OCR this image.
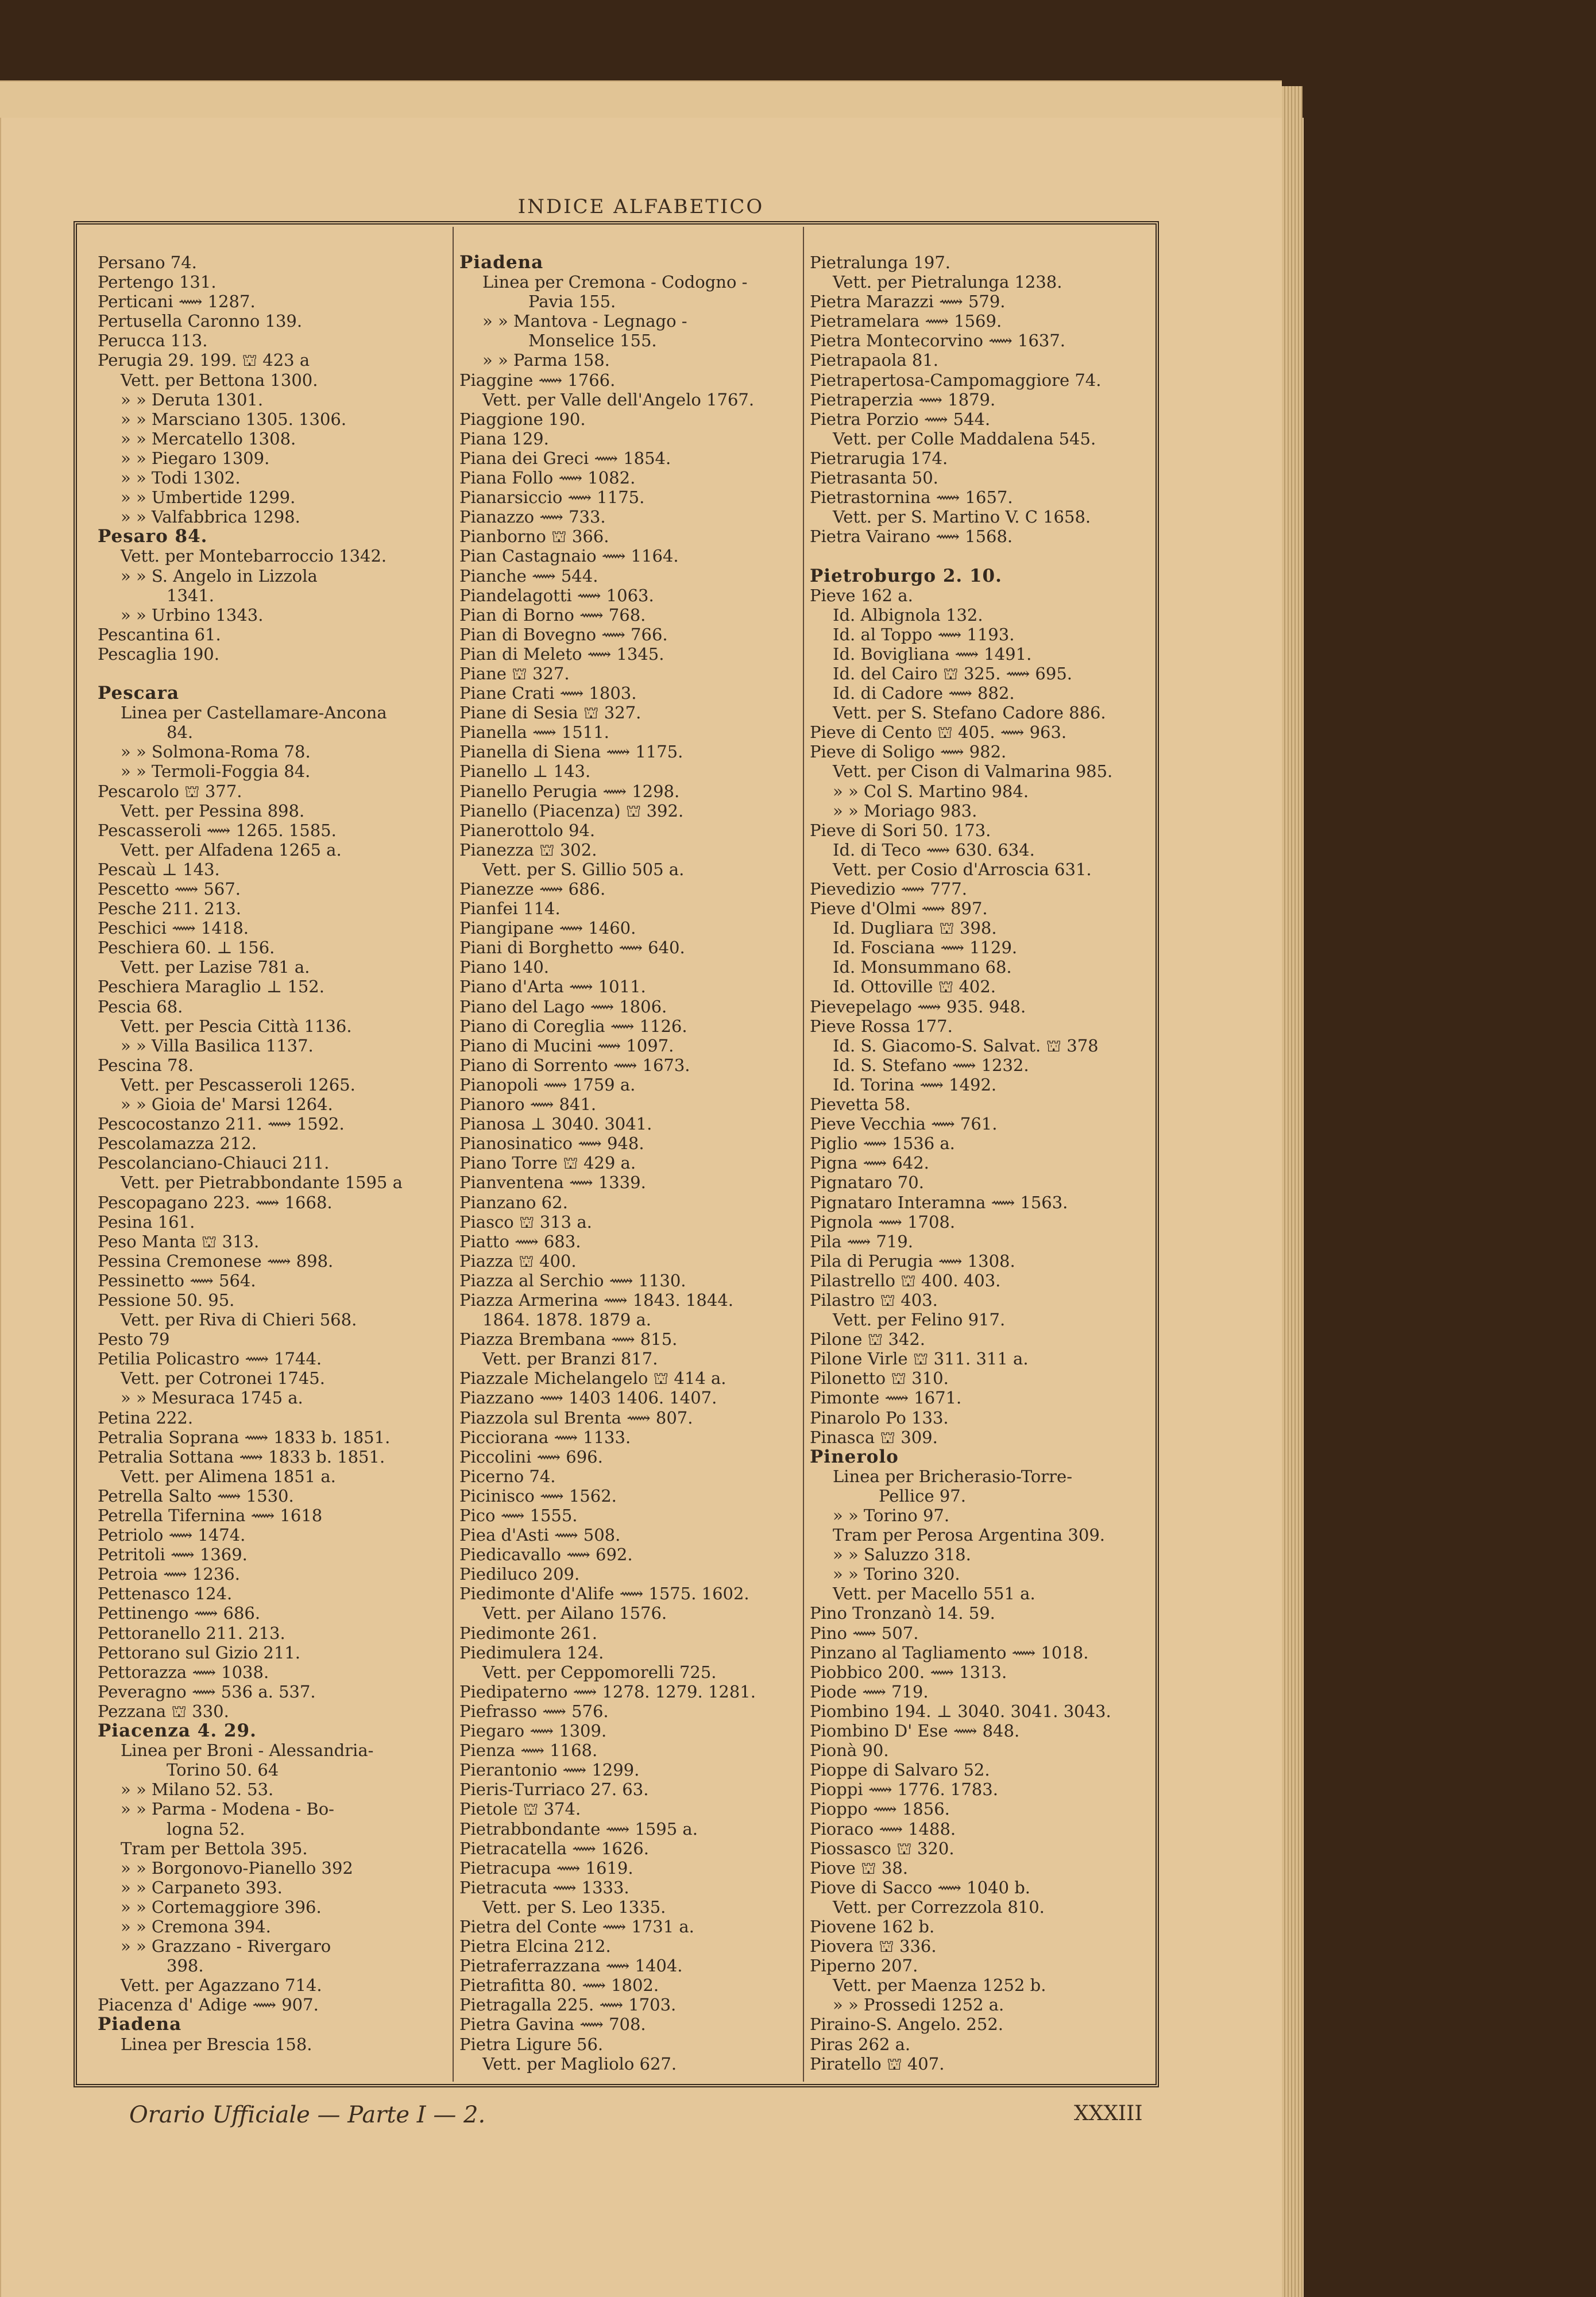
INDICE ALFABETICO
Persano 74.
Pertengo 131.
Perticani ⟿ 1287.
Pertusella Caronno 139.
Perucca 113.
Perugia 29. 199. ⛫ 423 a
Vett. per Bettona 1300.
» » Deruta 1301.
» » Marsciano 1305. 1306.
» » Mercatello 1308.
» » Piegaro 1309.
» » Todi 1302.
» » Umbertide 1299.
» » Valfabbrica 1298.
Pesaro 84.
Vett. per Montebarroccio 1342.
» » S. Angelo in Lizzola
1341.
» » Urbino 1343.
Pescantina 61.
Pescaglia 190.
Pescara
Linea per Castellamare-Ancona
84.
» » Solmona-Roma 78.
» » Termoli-Foggia 84.
Pescarolo ⛫ 377.
Vett. per Pessina 898.
Pescasseroli ⟿ 1265. 1585.
Vett. per Alfadena 1265 a.
Pescaù ⊥ 143.
Pescetto ⟿ 567.
Pesche 211. 213.
Peschici ⟿ 1418.
Peschiera 60. ⊥ 156.
Vett. per Lazise 781 a.
Peschiera Maraglio ⊥ 152.
Pescia 68.
Vett. per Pescia Città 1136.
» » Villa Basilica 1137.
Pescina 78.
Vett. per Pescasseroli 1265.
» » Gioia de' Marsi 1264.
Pescocostanzo 211. ⟿ 1592.
Pescolamazza 212.
Pescolanciano-Chiauci 211.
Vett. per Pietrabbondante 1595 a
Pescopagano 223. ⟿ 1668.
Pesina 161.
Peso Manta ⛫ 313.
Pessina Cremonese ⟿ 898.
Pessinetto ⟿ 564.
Pessione 50. 95.
Vett. per Riva di Chieri 568.
Pesto 79
Petilia Policastro ⟿ 1744.
Vett. per Cotronei 1745.
» » Mesuraca 1745 a.
Petina 222.
Petralia Soprana ⟿ 1833 b. 1851.
Petralia Sottana ⟿ 1833 b. 1851.
Vett. per Alimena 1851 a.
Petrella Salto ⟿ 1530.
Petrella Tifernina ⟿ 1618
Petriolo ⟿ 1474.
Petritoli ⟿ 1369.
Petroia ⟿ 1236.
Pettenasco 124.
Pettinengo ⟿ 686.
Pettoranello 211. 213.
Pettorano sul Gizio 211.
Pettorazza ⟿ 1038.
Peveragno ⟿ 536 a. 537.
Pezzana ⛫ 330.
Piacenza 4. 29.
Linea per Broni - Alessandria-
Torino 50. 64
» » Milano 52. 53.
» » Parma - Modena - Bo-
logna 52.
Tram per Bettola 395.
» » Borgonovo-Pianello 392
» » Carpaneto 393.
» » Cortemaggiore 396.
» » Cremona 394.
» » Grazzano - Rivergaro
398.
Vett. per Agazzano 714.
Piacenza d' Adige ⟿ 907.
Piadena
Linea per Brescia 158.
Piadena
Linea per Cremona - Codogno -
Pavia 155.
» » Mantova - Legnago -
Monselice 155.
» » Parma 158.
Piaggine ⟿ 1766.
Vett. per Valle dell'Angelo 1767.
Piaggione 190.
Piana 129.
Piana dei Greci ⟿ 1854.
Piana Follo ⟿ 1082.
Pianarsiccio ⟿ 1175.
Pianazzo ⟿ 733.
Pianborno ⛫ 366.
Pian Castagnaio ⟿ 1164.
Pianche ⟿ 544.
Piandelagotti ⟿ 1063.
Pian di Borno ⟿ 768.
Pian di Bovegno ⟿ 766.
Pian di Meleto ⟿ 1345.
Piane ⛫ 327.
Piane Crati ⟿ 1803.
Piane di Sesia ⛫ 327.
Pianella ⟿ 1511.
Pianella di Siena ⟿ 1175.
Pianello ⊥ 143.
Pianello Perugia ⟿ 1298.
Pianello (Piacenza) ⛫ 392.
Pianerottolo 94.
Pianezza ⛫ 302.
Vett. per S. Gillio 505 a.
Pianezze ⟿ 686.
Pianfei 114.
Piangipane ⟿ 1460.
Piani di Borghetto ⟿ 640.
Piano 140.
Piano d'Arta ⟿ 1011.
Piano del Lago ⟿ 1806.
Piano di Coreglia ⟿ 1126.
Piano di Mucini ⟿ 1097.
Piano di Sorrento ⟿ 1673.
Pianopoli ⟿ 1759 a.
Pianoro ⟿ 841.
Pianosa ⊥ 3040. 3041.
Pianosinatico ⟿ 948.
Piano Torre ⛫ 429 a.
Pianventena ⟿ 1339.
Pianzano 62.
Piasco ⛫ 313 a.
Piatto ⟿ 683.
Piazza ⛫ 400.
Piazza al Serchio ⟿ 1130.
Piazza Armerina ⟿ 1843. 1844.
1864. 1878. 1879 a.
Piazza Brembana ⟿ 815.
Vett. per Branzi 817.
Piazzale Michelangelo ⛫ 414 a.
Piazzano ⟿ 1403 1406. 1407.
Piazzola sul Brenta ⟿ 807.
Picciorana ⟿ 1133.
Piccolini ⟿ 696.
Picerno 74.
Picinisco ⟿ 1562.
Pico ⟿ 1555.
Piea d'Asti ⟿ 508.
Piedicavallo ⟿ 692.
Piediluco 209.
Piedimonte d'Alife ⟿ 1575. 1602.
Vett. per Ailano 1576.
Piedimonte 261.
Piedimulera 124.
Vett. per Ceppomorelli 725.
Piedipaterno ⟿ 1278. 1279. 1281.
Piefrasso ⟿ 576.
Piegaro ⟿ 1309.
Pienza ⟿ 1168.
Pierantonio ⟿ 1299.
Pieris-Turriaco 27. 63.
Pietole ⛫ 374.
Pietrabbondante ⟿ 1595 a.
Pietracatella ⟿ 1626.
Pietracupa ⟿ 1619.
Pietracuta ⟿ 1333.
Vett. per S. Leo 1335.
Pietra del Conte ⟿ 1731 a.
Pietra Elcina 212.
Pietraferrazzana ⟿ 1404.
Pietrafitta 80. ⟿ 1802.
Pietragalla 225. ⟿ 1703.
Pietra Gavina ⟿ 708.
Pietra Ligure 56.
Vett. per Magliolo 627.
Pietralunga 197.
Vett. per Pietralunga 1238.
Pietra Marazzi ⟿ 579.
Pietramelara ⟿ 1569.
Pietra Montecorvino ⟿ 1637.
Pietrapaola 81.
Pietrapertosa-Campomaggiore 74.
Pietraperzia ⟿ 1879.
Pietra Porzio ⟿ 544.
Vett. per Colle Maddalena 545.
Pietrarugia 174.
Pietrasanta 50.
Pietrastornina ⟿ 1657.
Vett. per S. Martino V. C 1658.
Pietra Vairano ⟿ 1568.
Pietroburgo 2. 10.
Pieve 162 a.
Id. Albignola 132.
Id. al Toppo ⟿ 1193.
Id. Bovigliana ⟿ 1491.
Id. del Cairo ⛫ 325. ⟿ 695.
Id. di Cadore ⟿ 882.
Vett. per S. Stefano Cadore 886.
Pieve di Cento ⛫ 405. ⟿ 963.
Pieve di Soligo ⟿ 982.
Vett. per Cison di Valmarina 985.
» » Col S. Martino 984.
» » Moriago 983.
Pieve di Sori 50. 173.
Id. di Teco ⟿ 630. 634.
Vett. per Cosio d'Arroscia 631.
Pievedizio ⟿ 777.
Pieve d'Olmi ⟿ 897.
Id. Dugliara ⛫ 398.
Id. Fosciana ⟿ 1129.
Id. Monsummano 68.
Id. Ottoville ⛫ 402.
Pievepelago ⟿ 935. 948.
Pieve Rossa 177.
Id. S. Giacomo-S. Salvat. ⛫ 378
Id. S. Stefano ⟿ 1232.
Id. Torina ⟿ 1492.
Pievetta 58.
Pieve Vecchia ⟿ 761.
Piglio ⟿ 1536 a.
Pigna ⟿ 642.
Pignataro 70.
Pignataro Interamna ⟿ 1563.
Pignola ⟿ 1708.
Pila ⟿ 719.
Pila di Perugia ⟿ 1308.
Pilastrello ⛫ 400. 403.
Pilastro ⛫ 403.
Vett. per Felino 917.
Pilone ⛫ 342.
Pilone Virle ⛫ 311. 311 a.
Pilonetto ⛫ 310.
Pimonte ⟿ 1671.
Pinarolo Po 133.
Pinasca ⛫ 309.
Pinerolo
Linea per Bricherasio-Torre-
Pellice 97.
» » Torino 97.
Tram per Perosa Argentina 309.
» » Saluzzo 318.
» » Torino 320.
Vett. per Macello 551 a.
Pino Tronzanò 14. 59.
Pino ⟿ 507.
Pinzano al Tagliamento ⟿ 1018.
Piobbico 200. ⟿ 1313.
Piode ⟿ 719.
Piombino 194. ⊥ 3040. 3041. 3043.
Piombino D' Ese ⟿ 848.
Pionà 90.
Pioppe di Salvaro 52.
Pioppi ⟿ 1776. 1783.
Pioppo ⟿ 1856.
Pioraco ⟿ 1488.
Piossasco ⛫ 320.
Piove ⛫ 38.
Piove di Sacco ⟿ 1040 b.
Vett. per Correzzola 810.
Piovene 162 b.
Piovera ⛫ 336.
Piperno 207.
Vett. per Maenza 1252 b.
» » Prossedi 1252 a.
Piraino-S. Angelo. 252.
Piras 262 a.
Piratello ⛫ 407.
Orario Ufficiale — Parte I — 2.	XXXIII
